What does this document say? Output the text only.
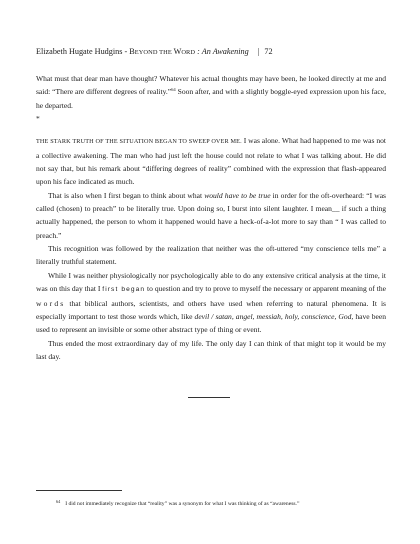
Elizabeth Hugate Hudgins - BEYOND THE WORD : An Awakening | 72

What must that dear man have thought? Whatever his actual thoughts may have been, he looked directly at me and said: “There are different degrees of reality.”$^{64}$ Soon after, and with a slightly boggle-eyed expression upon his face, he departed.

*

THE STARK TRUTH OF THE SITUATION BEGAN TO SWEEP OVER ME. I was alone. What had happened to me was not a collective awakening. The man who had just left the house could not relate to what I was talking about. He did not say that, but his remark about “differing degrees of reality” combined with the expression that flash-appeared upon his face indicated as much.

That is also when I first began to think about what would have to be true in order for the oft-overheard: “I was called (chosen) to preach” to be literally true. Upon doing so, I burst into silent laughter. I mean__ if such a thing actually happened, the person to whom it happened would have a heck-of-a-lot more to say than “ I was called to preach.”

This recognition was followed by the realization that neither was the oft-uttered “my conscience tells me” a literally truthful statement.

While I was neither physiologically nor psychologically able to do any extensive critical analysis at the time, it was on this day that I first began to question and try to prove to myself the necessary or apparent meaning of the words that biblical authors, scientists, and others have used when referring to natural phenomena. It is especially important to test those words which, like devil / satan, angel, messiah, holy, conscience, God, have been used to represent an invisible or some other abstract type of thing or event.

Thus ended the most extraordinary day of my life. The only day I can think of that might top it would be my last day.

$^{64}$ I did not immediately recognize that “reality” was a synonym for what I was thinking of as “awareness.”
